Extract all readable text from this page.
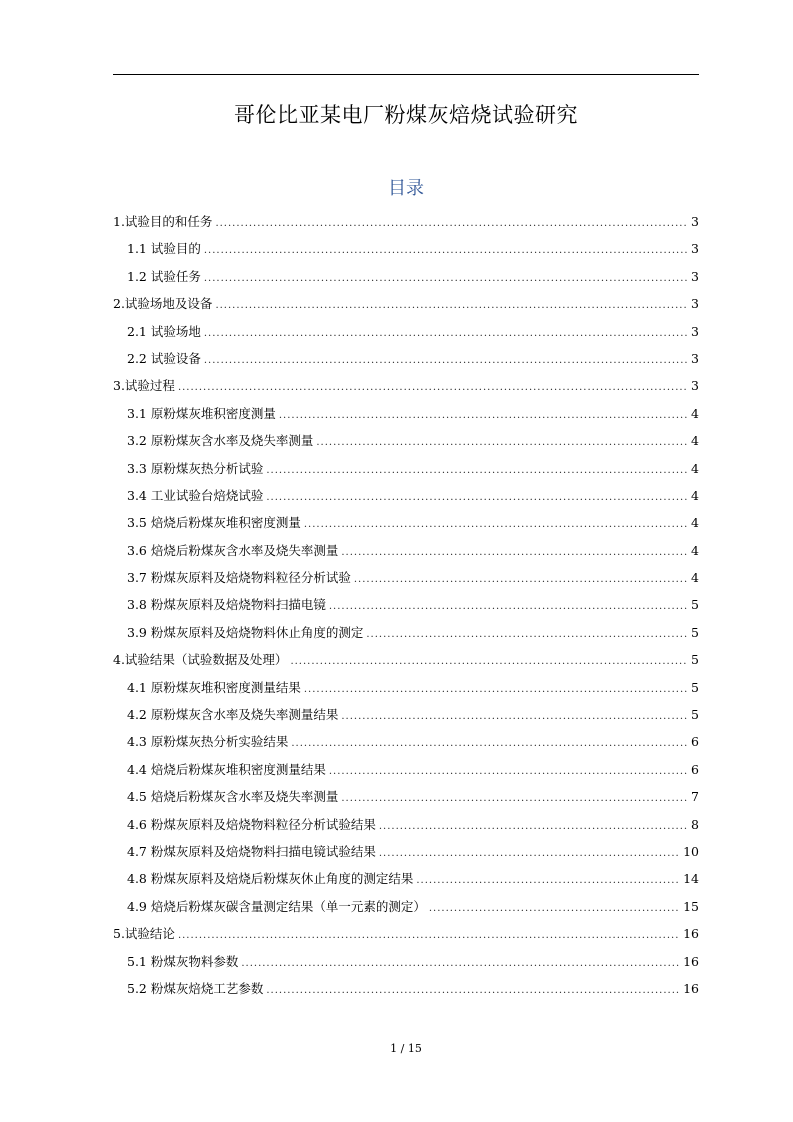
哥伦比亚某电厂粉煤灰焙烧试验研究
目录
1.试验目的和任务 .....	3
1.1 试验目的 .....	3
1.2 试验任务 .....	3
2.试验场地及设备 .....	3
2.1 试验场地 .....	3
2.2 试验设备 .....	3
3.试验过程 .....	3
3.1 原粉煤灰堆积密度测量 .....	4
3.2 原粉煤灰含水率及烧失率测量 .....	4
3.3 原粉煤灰热分析试验 .....	4
3.4 工业试验台焙烧试验 .....	4
3.5 焙烧后粉煤灰堆积密度测量 .....	4
3.6 焙烧后粉煤灰含水率及烧失率测量 .....	4
3.7 粉煤灰原料及焙烧物料粒径分析试验 .....	4
3.8 粉煤灰原料及焙烧物料扫描电镜 .....	5
3.9 粉煤灰原料及焙烧物料休止角度的测定 .....	5
4.试验结果（试验数据及处理） .....	5
4.1 原粉煤灰堆积密度测量结果 .....	5
4.2 原粉煤灰含水率及烧失率测量结果 .....	5
4.3 原粉煤灰热分析实验结果 .....	6
4.4 焙烧后粉煤灰堆积密度测量结果 .....	6
4.5 焙烧后粉煤灰含水率及烧失率测量 .....	7
4.6 粉煤灰原料及焙烧物料粒径分析试验结果 .....	8
4.7 粉煤灰原料及焙烧物料扫描电镜试验结果 .....	10
4.8 粉煤灰原料及焙烧后粉煤灰休止角度的测定结果 .....	14
4.9 焙烧后粉煤灰碳含量测定结果（单一元素的测定） .....	15
5.试验结论 .....	16
5.1 粉煤灰物料参数 .....	16
5.2 粉煤灰焙烧工艺参数 .....	16
1 / 15
